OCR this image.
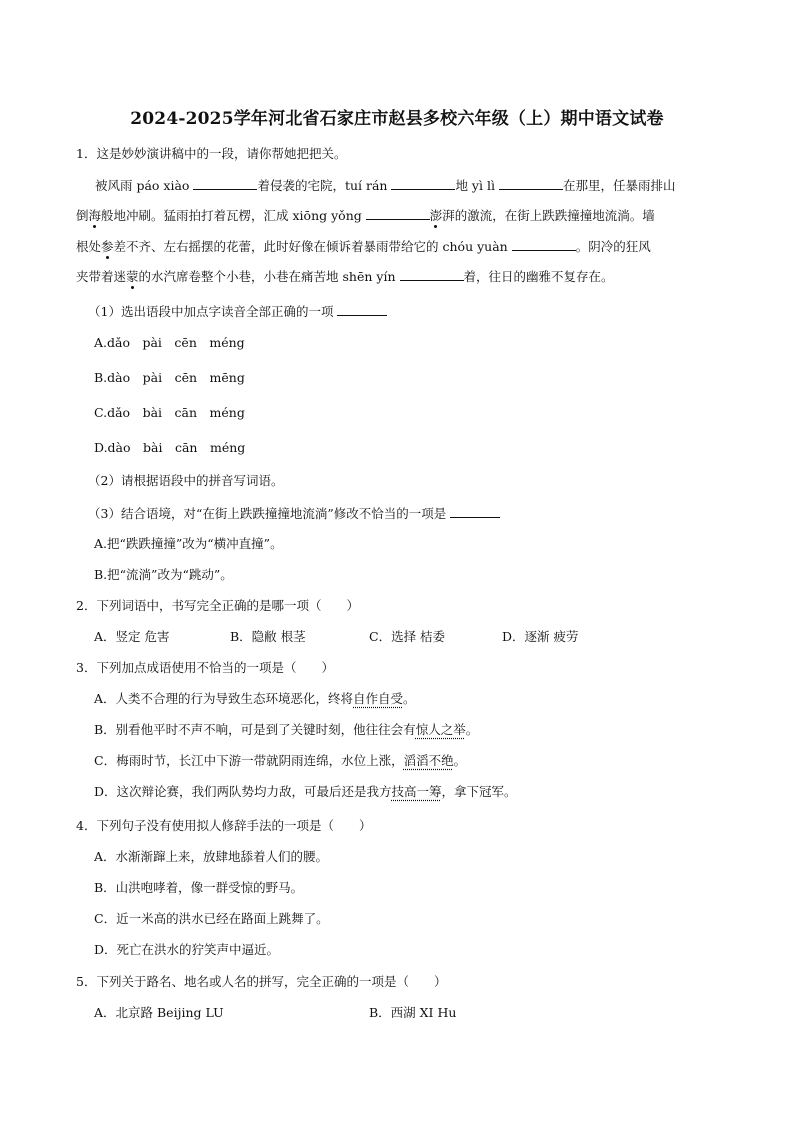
2024-2025学年河北省石家庄市赵县多校六年级（上）期中语文试卷
1．这是妙妙演讲稿中的一段，请你帮她把把关。
被风雨 páo xiào	着侵袭的宅院，tuí rán	地 yì lì	在那里，任暴雨排山
倒海般地冲刷。猛雨拍打着瓦楞，汇成 xiōng yǒng	澎湃的激流，在街上跌跌撞撞地流淌。墙
根处参差不齐、左右摇摆的花蕾，此时好像在倾诉着暴雨带给它的 chóu yuàn	。阴冷的狂风
夹带着迷蒙的水汽席卷整个小巷，小巷在痛苦地 shēn yín	着，往日的幽雅不复存在。
（1）选出语段中加点字读音全部正确的一项
A.dǎo　pài　cēn　méng
B.dào　pài　cēn　mēng
C.dǎo　bài　cān　méng
D.dào　bài　cān　méng
（2）请根据语段中的拼音写词语。
（3）结合语境，对“在街上跌跌撞撞地流淌”修改不恰当的一项是
A.把“跌跌撞撞”改为“横冲直撞”。
B.把“流淌”改为“跳动”。
2．下列词语中，书写完全正确的是哪一项（　　）
A．竖定 危害	B．隐敝 根茎	C．选择 桔委	D．逐渐 疲劳
3．下列加点成语使用不恰当的一项是（　　）
A．人类不合理的行为导致生态环境恶化，终将自作自受。
B．别看他平时不声不响，可是到了关键时刻，他往往会有惊人之举。
C．梅雨时节，长江中下游一带就阴雨连绵，水位上涨，滔滔不绝。
D．这次辩论赛，我们两队势均力敌，可最后还是我方技高一筹，拿下冠军。
4．下列句子没有使用拟人修辞手法的一项是（　　）
A．水渐渐蹿上来，放肆地舔着人们的腰。
B．山洪咆哮着，像一群受惊的野马。
C．近一米高的洪水已经在路面上跳舞了。
D．死亡在洪水的狞笑声中逼近。
5．下列关于路名、地名或人名的拼写，完全正确的一项是（　　）
A．北京路 Beijing LU	B．西湖 XI Hu
